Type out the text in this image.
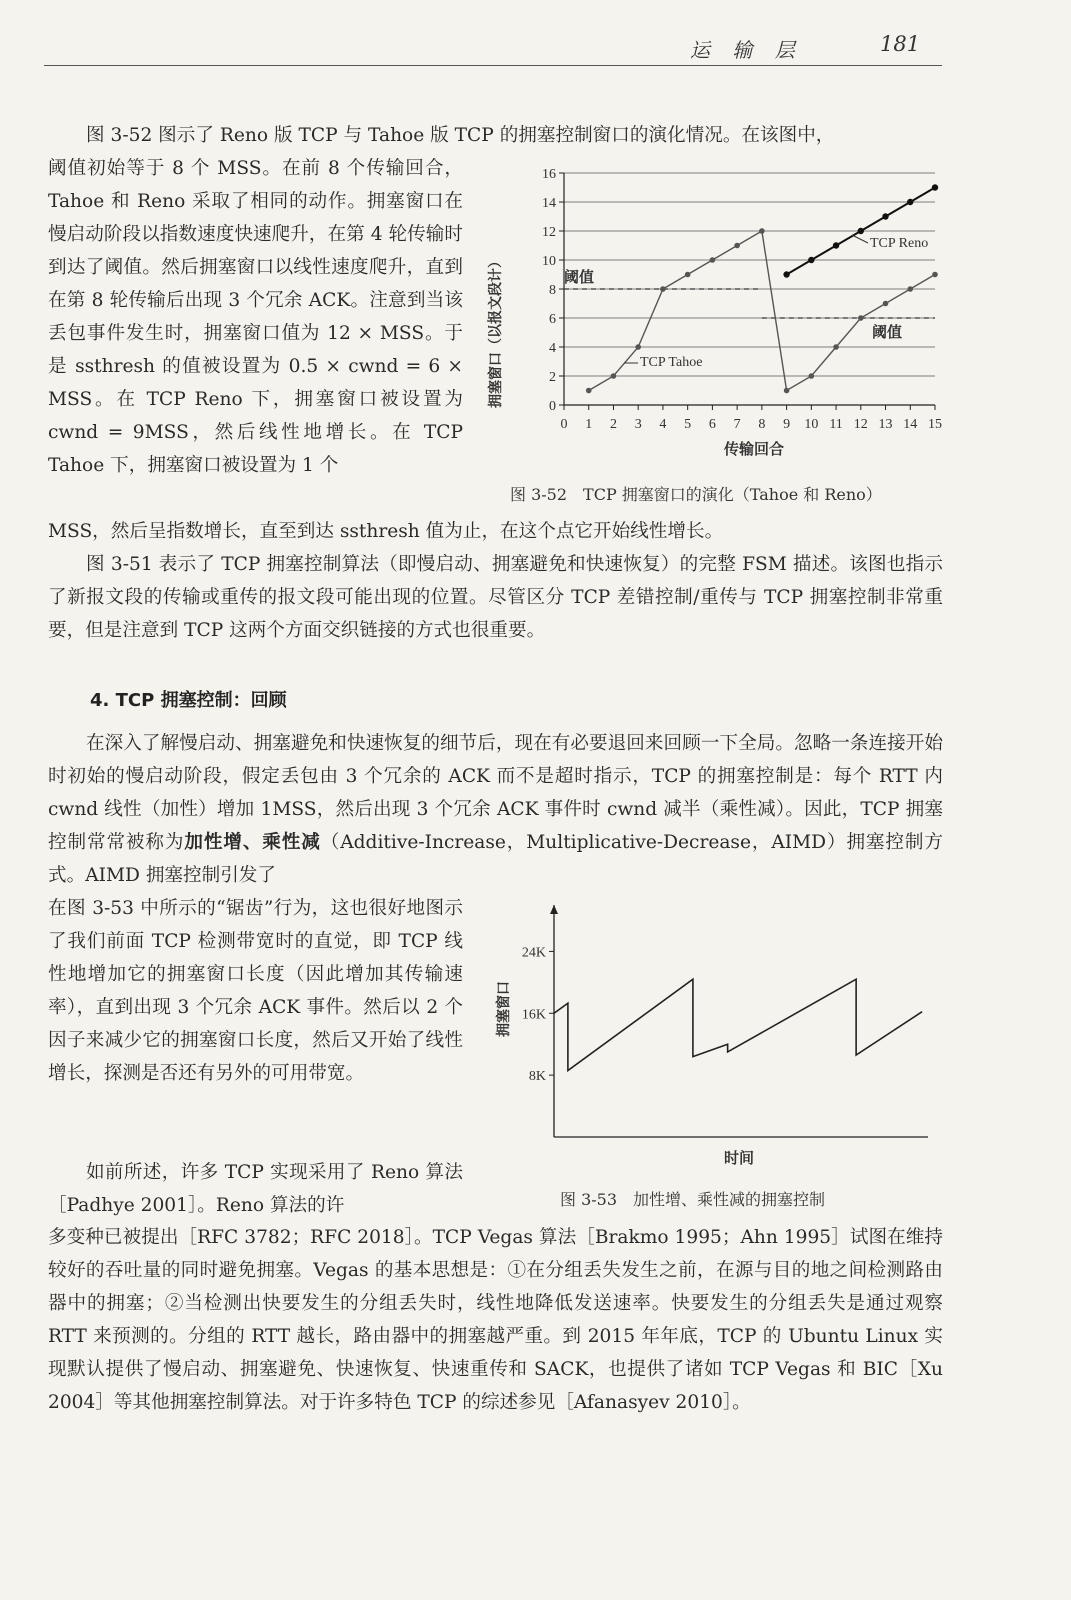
运 输 层	181

图 3-52 图示了 Reno 版 TCP 与 Tahoe 版 TCP 的拥塞控制窗口的演化情况。在该图中，

阈值初始等于 8 个 MSS。在前 8 个传输回合，Tahoe 和 Reno 采取了相同的动作。拥塞窗口在慢启动阶段以指数速度快速爬升，在第 4 轮传输时到达了阈值。然后拥塞窗口以线性速度爬升，直到在第 8 轮传输后出现 3 个冗余 ACK。注意到当该丢包事件发生时，拥塞窗口值为 12 × MSS。于是 ssthresh 的值被设置为 0.5 × cwnd = 6 × MSS。在 TCP Reno 下，拥塞窗口被设置为 cwnd = 9MSS，然后线性地增长。在 TCP Tahoe 下，拥塞窗口被设置为 1 个

MSS，然后呈指数增长，直至到达 ssthresh 值为止，在这个点它开始线性增长。

图 3-51 表示了 TCP 拥塞控制算法（即慢启动、拥塞避免和快速恢复）的完整 FSM 描述。该图也指示了新报文段的传输或重传的报文段可能出现的位置。尽管区分 TCP 差错控制/重传与 TCP 拥塞控制非常重要，但是注意到 TCP 这两个方面交织链接的方式也很重要。

4. TCP 拥塞控制：回顾

在深入了解慢启动、拥塞避免和快速恢复的细节后，现在有必要退回来回顾一下全局。忽略一条连接开始时初始的慢启动阶段，假定丢包由 3 个冗余的 ACK 而不是超时指示，TCP 的拥塞控制是：每个 RTT 内 cwnd 线性（加性）增加 1MSS，然后出现 3 个冗余 ACK 事件时 cwnd 减半（乘性减）。因此，TCP 拥塞控制常常被称为加性增、乘性减（Additive-Increase，Multiplicative-Decrease，AIMD）拥塞控制方式。AIMD 拥塞控制引发了

在图 3-53 中所示的“锯齿”行为，这也很好地图示了我们前面 TCP 检测带宽时的直觉，即 TCP 线性地增加它的拥塞窗口长度（因此增加其传输速率），直到出现 3 个冗余 ACK 事件。然后以 2 个因子来减少它的拥塞窗口长度，然后又开始了线性增长，探测是否还有另外的可用带宽。

如前所述，许多 TCP 实现采用了 Reno 算法［Padhye 2001］。Reno 算法的许

多变种已被提出［RFC 3782；RFC 2018］。TCP Vegas 算法［Brakmo 1995；Ahn 1995］试图在维持较好的吞吐量的同时避免拥塞。Vegas 的基本思想是：①在分组丢失发生之前，在源与目的地之间检测路由器中的拥塞；②当检测出快要发生的分组丢失时，线性地降低发送速率。快要发生的分组丢失是通过观察 RTT 来预测的。分组的 RTT 越长，路由器中的拥塞越严重。到 2015 年年底，TCP 的 Ubuntu Linux 实现默认提供了慢启动、拥塞避免、快速恢复、快速重传和 SACK，也提供了诸如 TCP Vegas 和 BIC［Xu 2004］等其他拥塞控制算法。对于许多特色 TCP 的综述参见［Afanasyev 2010］。

拥塞窗口（以报文段计）	0
2
4
6
8
10
12
14
16
0 1 2 3 4 5 6 7 8 9 10 11 12 13 14 15
阈值
阈值
TCP Reno
TCP Tahoe
传输回合
图 3-52　TCP 拥塞窗口的演化（Tahoe 和 Reno）
拥塞窗口
8K
16K
24K
时间
图 3-53　加性增、乘性减的拥塞控制
